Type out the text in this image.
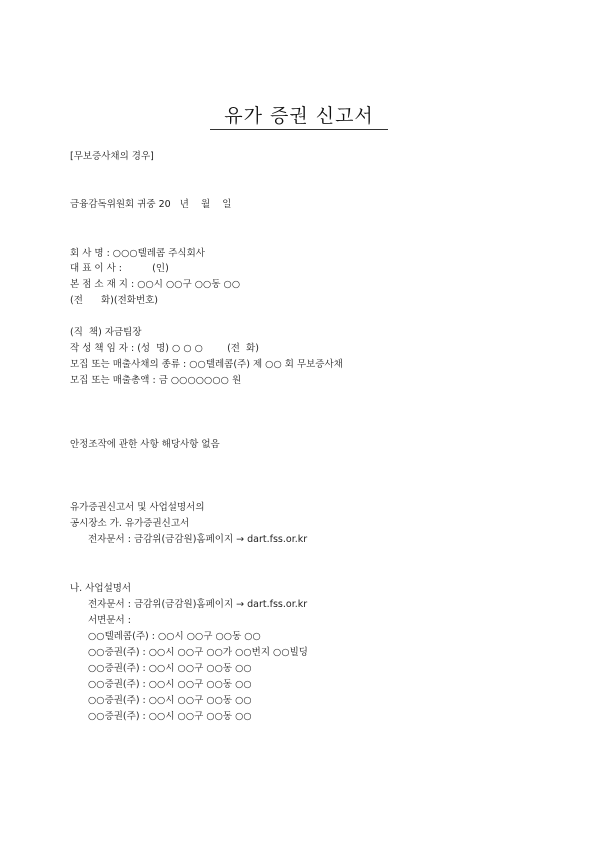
유가 증권 신고서
[무보증사채의 경우]
금융감독위원회 귀중 20   년    월    일
회 사 명 : ○○○텔레콤 주식회사
대 표 이 사 :          (인)
본 점 소 재 지 : ○○시 ○○구 ○○동 ○○
(전      화)(전화번호)
(직  책) 자금팀장
작 성 책 임 자 : (성  명) ○ ○ ○        (전  화)
모집 또는 매출사채의 종류 : ○○텔레콤(주) 제 ○○ 회 무보증사채
모집 또는 매출총액 : 금 ○○○○○○○ 원
안정조작에 관한 사항 해당사항 없음
유가증권신고서 및 사업설명서의
공시장소 가. 유가증권신고서
전자문서 : 금감위(금감원)홈페이지 → dart.fss.or.kr
나. 사업설명서
전자문서 : 금감위(금감원)홈페이지 → dart.fss.or.kr
서면문서 :
○○텔레콤(주) : ○○시 ○○구 ○○동 ○○
○○증권(주) : ○○시 ○○구 ○○가 ○○번지 ○○빌딩
○○증권(주) : ○○시 ○○구 ○○동 ○○
○○증권(주) : ○○시 ○○구 ○○동 ○○
○○증권(주) : ○○시 ○○구 ○○동 ○○
○○증권(주) : ○○시 ○○구 ○○동 ○○
